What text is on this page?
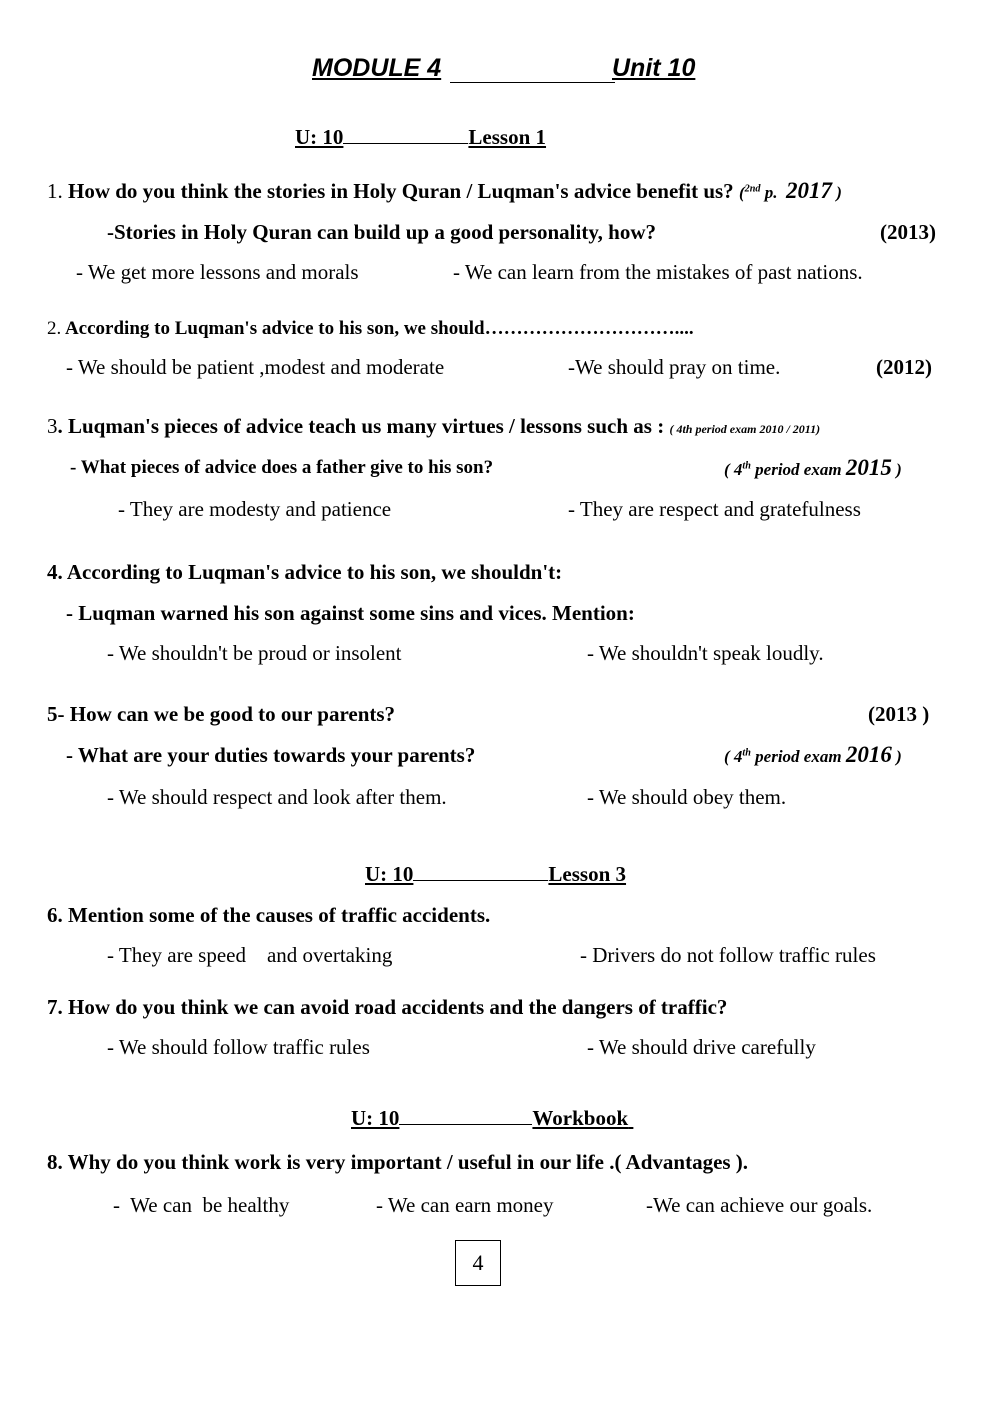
MODULE 4	Unit 10
U: 10	Lesson 1
1. How do you think the stories in Holy Quran / Luqman's advice benefit us? ($^{2nd}$ p. 2017 )
-Stories in Holy Quran can build up a good personality, how?	(2013)
- We get more lessons and morals	- We can learn from the mistakes of past nations.
2. According to Luqman's advice to his son, we should…………………………....
- We should be patient ,modest and moderate	-We should pray on time.	(2012)
3. Luqman's pieces of advice teach us many virtues / lessons such as : ( 4th period exam 2010 / 2011)
- What pieces of advice does a father give to his son?	( 4th period exam 2015 )
- They are modesty and patience	- They are respect and gratefulness
4. According to Luqman's advice to his son, we shouldn't:
- Luqman warned his son against some sins and vices. Mention:
- We shouldn't be proud or insolent	- We shouldn't speak loudly.
5- How can we be good to our parents?	(2013 )
- What are your duties towards your parents?	( 4th period exam 2016 )
- We should respect and look after them.	- We should obey them.
U: 10	Lesson 3
6. Mention some of the causes of traffic accidents.
- They are speed    and overtaking	- Drivers do not follow traffic rules
7. How do you think we can avoid road accidents and the dangers of traffic?
- We should follow traffic rules	- We should drive carefully
U: 10	Workbook
8. Why do you think work is very important / useful in our life .( Advantages ).
-  We can  be healthy	- We can earn money	-We can achieve our goals.
4
